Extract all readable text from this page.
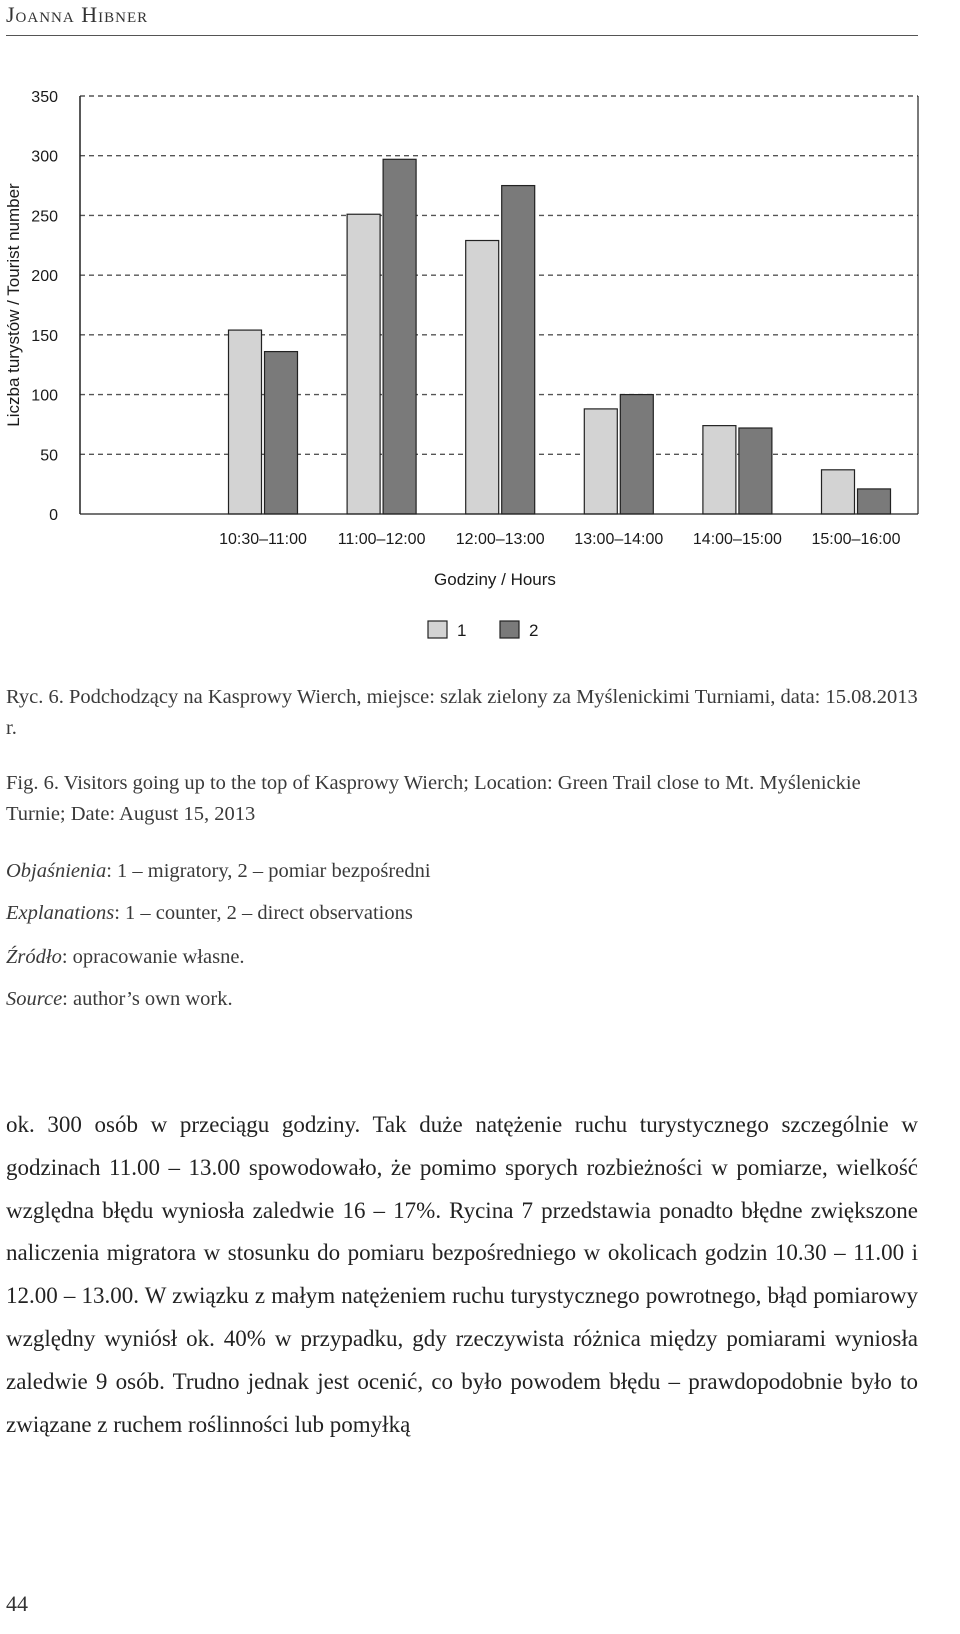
Joanna Hibner
0
50
100
150
200
250
300
350
10:30–11:00 11:00–12:00 12:00–13:00 13:00–14:00 14:00–15:00 15:00–16:00
Liczba turystów / Tourist number
Godziny / Hours
1	2

Ryc. 6. Podchodzący na Kasprowy Wierch, miejsce: szlak zielony za Myślenickimi Turniami, data: 15.08.2013 r.

Fig. 6. Visitors going up to the top of Kasprowy Wierch; Location: Green Trail close to Mt. Myślenickie Turnie; Date: August 15, 2013

Objaśnienia: 1 – migratory, 2 – pomiar bezpośredni

Explanations: 1 – counter, 2 – direct observations

Źródło: opracowanie własne.

Source: author’s own work.

ok. 300 osób w przeciągu godziny. Tak duże natężenie ruchu turystycznego szczególnie w godzinach 11.00 – 13.00 spowodowało, że pomimo sporych rozbieżności w pomiarze, wielkość względna błędu wyniosła zaledwie 16 – 17%. Rycina 7 przedstawia ponadto błędne zwiększone naliczenia migratora w stosunku do pomiaru bezpośredniego w okolicach godzin 10.30 – 11.00 i 12.00 – 13.00. W związku z małym natężeniem ruchu turystycznego powrotnego, błąd pomiarowy względny wyniósł ok. 40% w przypadku, gdy rzeczywista różnica między pomiarami wyniosła zaledwie 9 osób. Trudno jednak jest ocenić, co było powodem błędu – prawdopodobnie było to związane z ruchem roślinności lub pomyłką

44
